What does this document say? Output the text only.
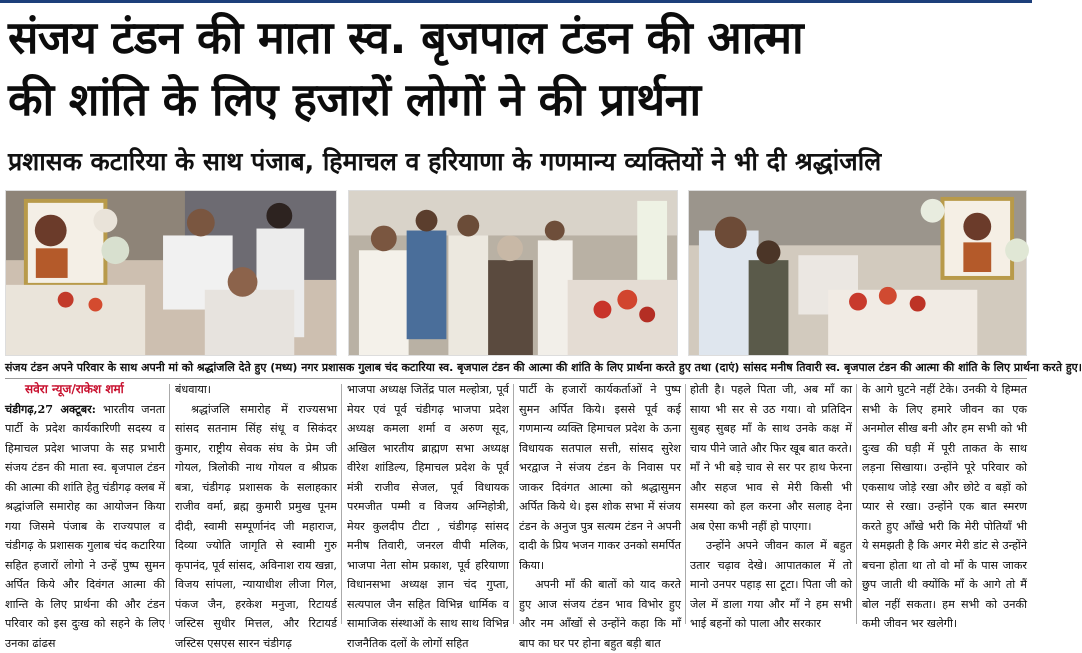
संजय टंडन की माता स्व. बृजपाल टंडन की आत्मा
की शांति के लिए हजारों लोगों ने की प्रार्थना
प्रशासक कटारिया के साथ पंजाब, हिमाचल व हरियाणा के गणमान्य व्यक्तियों ने भी दी श्रद्धांजलि
संजय टंडन अपने परिवार के साथ अपनी मां को श्रद्धांजलि देते हुए (मध्य) नगर प्रशासक गुलाब चंद कटारिया स्व. बृजपाल टंडन की आत्मा की शांति के लिए प्रार्थना करते हुए तथा (दाएं) सांसद मनीष तिवारी स्व. बृजपाल टंडन की आत्मा की शांति के लिए प्रार्थना करते हुए।

सवेरा न्यूज/राकेश शर्मा

चंडीगढ़,27 अक्टूबर: भारतीय जनता पार्टी के प्रदेश कार्यकारिणी सदस्य व हिमाचल प्रदेश भाजपा के सह प्रभारी संजय टंडन की माता स्व. बृजपाल टंडन की आत्मा की शांति हेतु चंडीगढ़ क्लब में श्रद्धांजलि समारोह का आयोजन किया गया जिसमे पंजाब के राज्यपाल व चंडीगढ़ के प्रशासक गुलाब चंद कटारिया सहित हजारों लोगो ने उन्हें पुष्प सुमन अर्पित किये और दिवंगत आत्मा की शान्ति के लिए प्रार्थना की और टंडन परिवार को इस दुःख को सहने के लिए उनका ढांढस

बंधवाया।

श्रद्धांजलि समारोह में राज्यसभा सांसद सतनाम सिंह संधू व सिकंदर कुमार, राष्ट्रीय सेवक संघ के प्रेम जी गोयल, त्रिलोकी नाथ गोयल व श्रीप्रक बत्रा, चंडीगढ़ प्रशासक के सलाहकार राजीव वर्मा, ब्रह्म कुमारी प्रमुख पूनम दीदी, स्वामी सम्पूर्णानंद जी महाराज, दिव्या ज्योति जागृति से स्वामी गुरु कृपानंद, पूर्व सांसद, अविनाश राय खन्ना, विजय सांपला, न्यायाधीश लीजा गिल, पंकज जैन, हरकेश मनुजा, रिटायर्ड जस्टिस सुधीर मित्तल, और रिटायर्ड जस्टिस एसएस सारन चंडीगढ़

भाजपा अध्यक्ष जितेंद्र पाल मल्होत्रा, पूर्व मेयर एवं पूर्व चंडीगढ़ भाजपा प्रदेश अध्यक्ष कमला शर्मा व अरुण सूद, अखिल भारतीय ब्राह्मण सभा अध्यक्ष वीरेश शांडिल्य, हिमाचल प्रदेश के पूर्व मंत्री राजीव सेजल, पूर्व विधायक परमजीत पम्मी व विजय अग्निहोत्री, मेयर कुलदीप टीटा , चंडीगढ़ सांसद मनीष तिवारी, जनरल वीपी मलिक, भाजपा नेता सोम प्रकाश, पूर्व हरियाणा विधानसभा अध्यक्ष ज्ञान चंद गुप्ता, सत्यपाल जैन सहित विभिन्न धार्मिक व सामाजिक संस्थाओं के साथ साथ विभिन्न राजनैतिक दलों के लोगों सहित

पार्टी के हजारों कार्यकर्ताओं ने पुष्प सुमन अर्पित किये। इससे पूर्व कई गणमान्य व्यक्ति हिमाचल प्रदेश के ऊना विधायक सतपाल सत्ती, सांसद सुरेश भरद्वाज ने संजय टंडन के निवास पर जाकर दिवंगत आत्मा को श्रद्धासुमन अर्पित किये थे। इस शोक सभा में संजय टंडन के अनुज पुत्र सत्यम टंडन ने अपनी दादी के प्रिय भजन गाकर उनको समर्पित किया।

अपनी माँ की बातों को याद करते हुए आज संजय टंडन भाव विभोर हुए और नम आँखों से उन्होंने कहा कि माँ बाप का घर पर होना बहुत बड़ी बात

होती है। पहले पिता जी, अब माँ का साया भी सर से उठ गया। वो प्रतिदिन सुबह सुबह माँ के साथ उनके कक्ष में चाय पीने जाते और फिर खूब बात करते। माँ ने भी बड़े चाव से सर पर हाथ फेरना और सहज भाव से मेरी किसी भी समस्या को हल करना और सलाह देना अब ऐसा कभी नहीं हो पाएगा।

उन्होंने अपने जीवन काल में बहुत उतार चढ़ाव देखे। आपातकाल में तो मानो उनपर पहाड़ सा टूटा। पिता जी को जेल में डाला गया और माँ ने हम सभी भाई बहनों को पाला और सरकार

के आगे घुटने नहीं टेके। उनकी ये हिम्मत सभी के लिए हमारे जीवन का एक अनमोल सीख बनी और हम सभी को भी दुःख की घड़ी में पूरी ताकत के साथ लड़ना सिखाया। उन्होंने पूरे परिवार को एकसाथ जोड़े रखा और छोटे व बड़ों को प्यार से रखा। उन्होंने एक बात स्मरण करते हुए आँखे भरी कि मेरी पोतियाँ भी ये समझती है कि अगर मेरी डांट से उन्होंने बचना होता था तो वो माँ के पास जाकर छुप जाती थी क्योंकि माँ के आगे तो मैं बोल नहीं सकता। हम सभी को उनकी कमी जीवन भर खलेगी।
